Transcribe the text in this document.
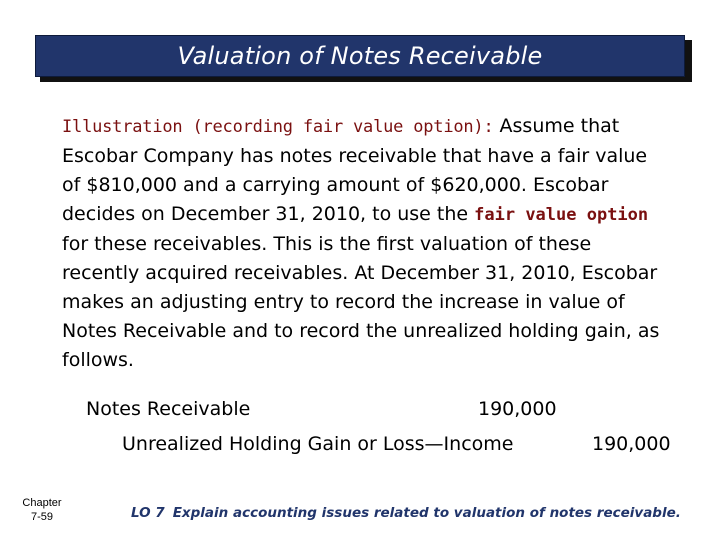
Valuation of Notes Receivable

Illustration (recording fair value option): Assume that Escobar Company has notes receivable that have a fair value of $810,000 and a carrying amount of $620,000. Escobar decides on December 31, 2010, to use the fair value option for these receivables. This is the first valuation of these recently acquired receivables. At December 31, 2010, Escobar makes an adjusting entry to record the increase in value of Notes Receivable and to record the unrealized holding gain, as follows.

Notes Receivable	190,000
Unrealized Holding Gain or Loss—Income	190,000
Chapter
7-59	LO 7 Explain accounting issues related to valuation of notes receivable.
